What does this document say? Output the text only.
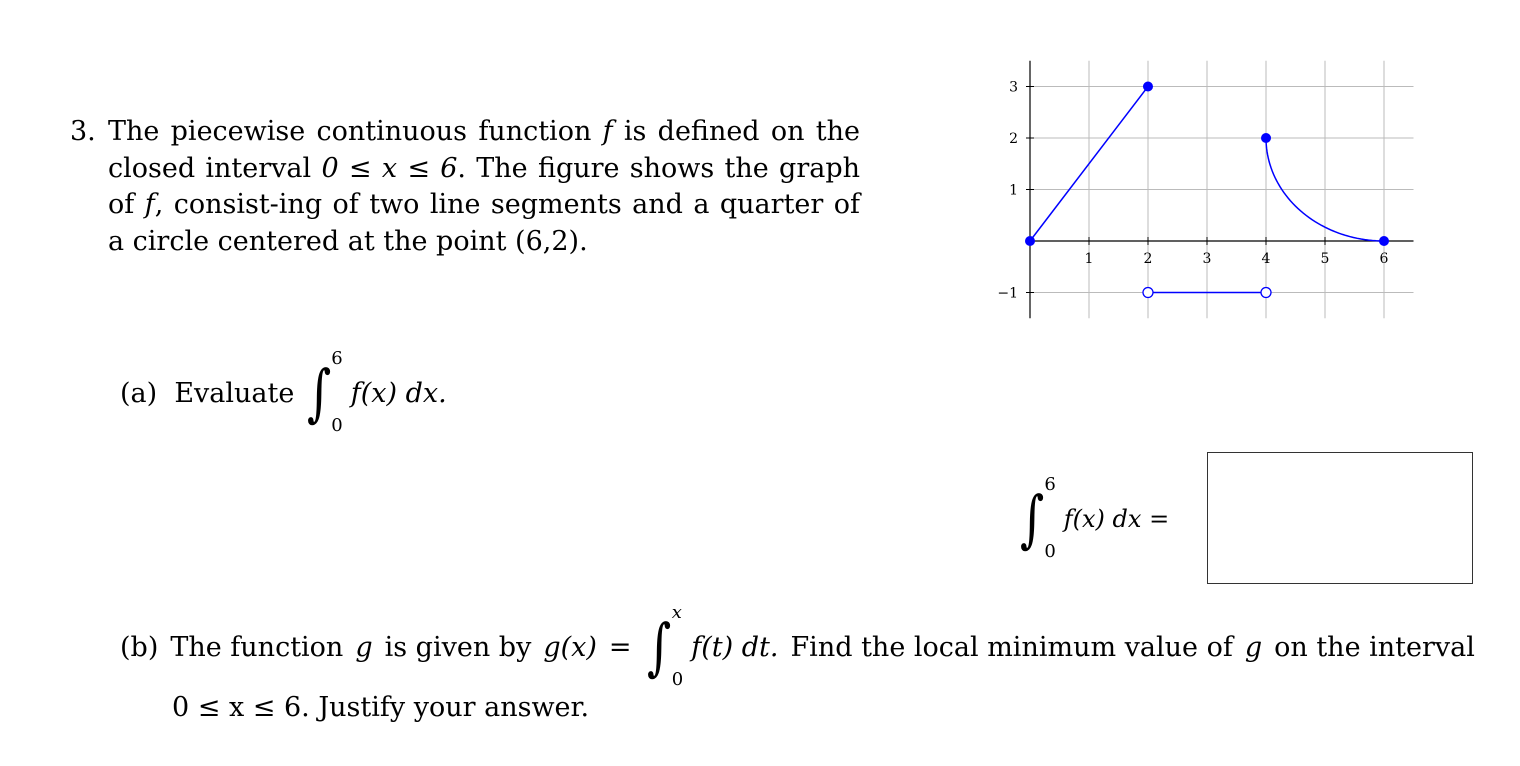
3. The piecewise continuous function f is defined on the closed interval 0 ≤ x ≤ 6. The figure shows the graph of f, consist-ing of two line segments and a quarter of a circle centered at the point (6,2).
1	2	3	4	5	6
3
2
1
−1
(a)
Evaluate
∫ 6
0
f(x) dx.
∫ 6
0
f(x) dx =
(b) The function g is given by g(x) = ∫ x
0
f(t) dt. Find the local minimum value of g on the interval
0 ≤ x ≤ 6. Justify your answer.
